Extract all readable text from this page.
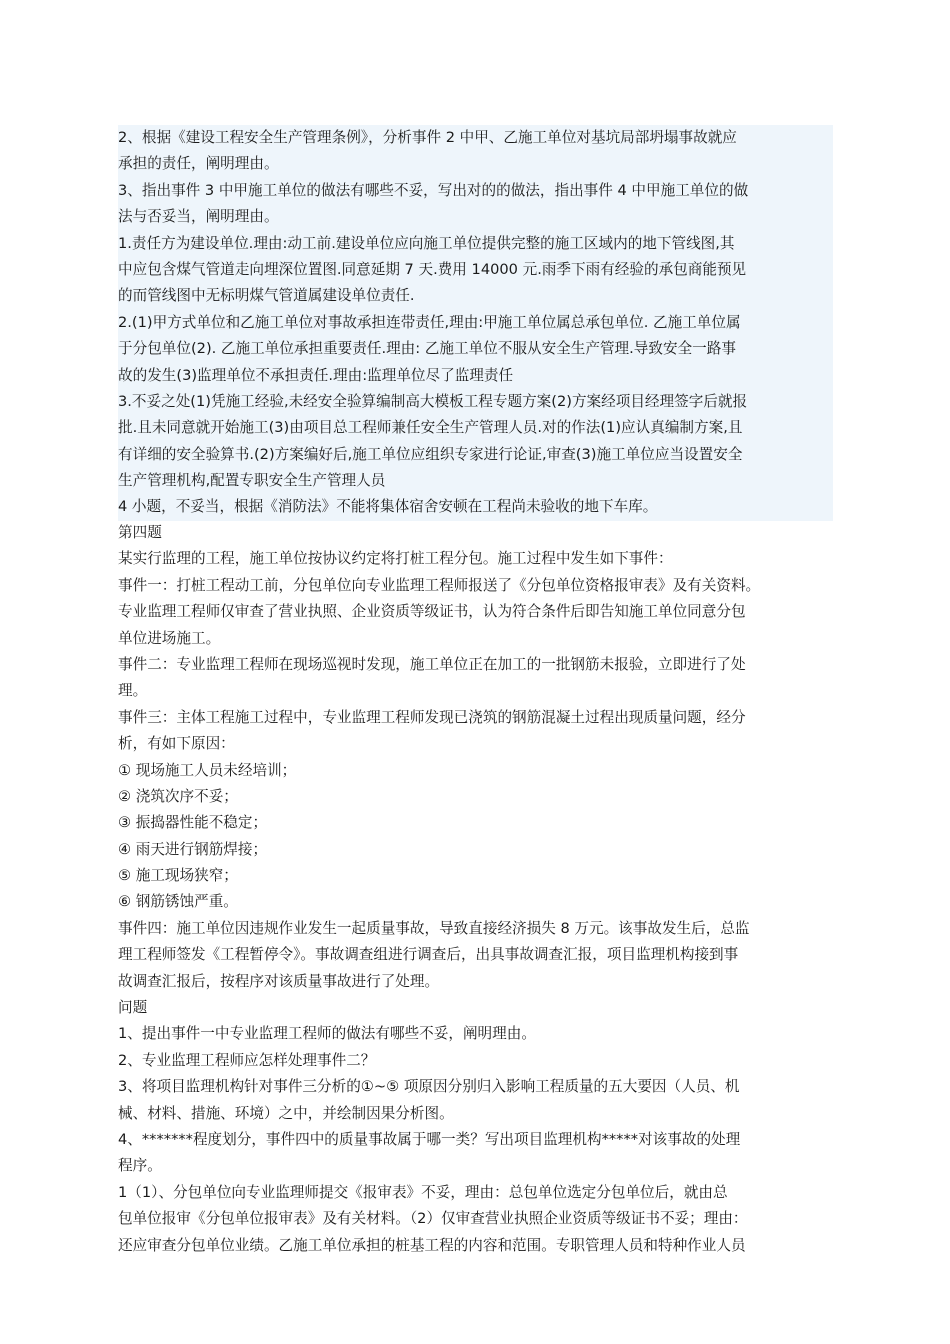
2、根据《建设工程安全生产管理条例》，分析事件 2 中甲、乙施工单位对基坑局部坍塌事故就应
承担的责任，阐明理由。
3、指出事件 3 中甲施工单位的做法有哪些不妥，写出对的的做法，指出事件 4 中甲施工单位的做
法与否妥当，阐明理由。
1.责任方为建设单位.理由:动工前.建设单位应向施工单位提供完整的施工区域内的地下管线图,其
中应包含煤气管道走向埋深位置图.同意延期 7 天.费用 14000 元.雨季下雨有经验的承包商能预见
的而管线图中无标明煤气管道属建设单位责任.
2.(1)甲方式单位和乙施工单位对事故承担连带责任,理由:甲施工单位属总承包单位. 乙施工单位属
于分包单位(2). 乙施工单位承担重要责任.理由: 乙施工单位不服从安全生产管理.导致安全一路事
故的发生(3)监理单位不承担责任.理由:监理单位尽了监理责任
3.不妥之处(1)凭施工经验,未经安全验算编制高大模板工程专题方案(2)方案经项目经理签字后就报
批.且未同意就开始施工(3)由项目总工程师兼任安全生产管理人员.对的作法(1)应认真编制方案,且
有详细的安全验算书.(2)方案编好后,施工单位应组织专家进行论证,审查(3)施工单位应当设置安全
生产管理机构,配置专职安全生产管理人员
4 小题，不妥当，根据《消防法》不能将集体宿舍安顿在工程尚未验收的地下车库。
第四题
某实行监理的工程，施工单位按协议约定将打桩工程分包。施工过程中发生如下事件：
事件一：打桩工程动工前，分包单位向专业监理工程师报送了《分包单位资格报审表》及有关资料。
专业监理工程师仅审查了营业执照、企业资质等级证书，认为符合条件后即告知施工单位同意分包
单位进场施工。
事件二：专业监理工程师在现场巡视时发现，施工单位正在加工的一批钢筋未报验，立即进行了处
理。
事件三：主体工程施工过程中，专业监理工程师发现已浇筑的钢筋混凝土过程出现质量问题，经分
析，有如下原因：
① 现场施工人员未经培训；
② 浇筑次序不妥；
③ 振捣器性能不稳定；
④ 雨天进行钢筋焊接；
⑤ 施工现场狭窄；
⑥ 钢筋锈蚀严重。
事件四：施工单位因违规作业发生一起质量事故，导致直接经济损失 8 万元。该事故发生后，总监
理工程师签发《工程暂停令》。事故调查组进行调查后，出具事故调查汇报，项目监理机构接到事
故调查汇报后，按程序对该质量事故进行了处理。
问题
1、提出事件一中专业监理工程师的做法有哪些不妥，阐明理由。
2、专业监理工程师应怎样处理事件二？
3、将项目监理机构针对事件三分析的①~⑤ 项原因分别归入影响工程质量的五大要因（人员、机
械、材料、措施、环境）之中，并绘制因果分析图。
4、*******程度划分，事件四中的质量事故属于哪一类？写出项目监理机构*****对该事故的处理
程序。
1（1）、分包单位向专业监理师提交《报审表》不妥，理由：总包单位选定分包单位后，就由总
包单位报审《分包单位报审表》及有关材料。（2）仅审查营业执照企业资质等级证书不妥；理由：
还应审查分包单位业绩。乙施工单位承担的桩基工程的内容和范围。专职管理人员和特种作业人员
